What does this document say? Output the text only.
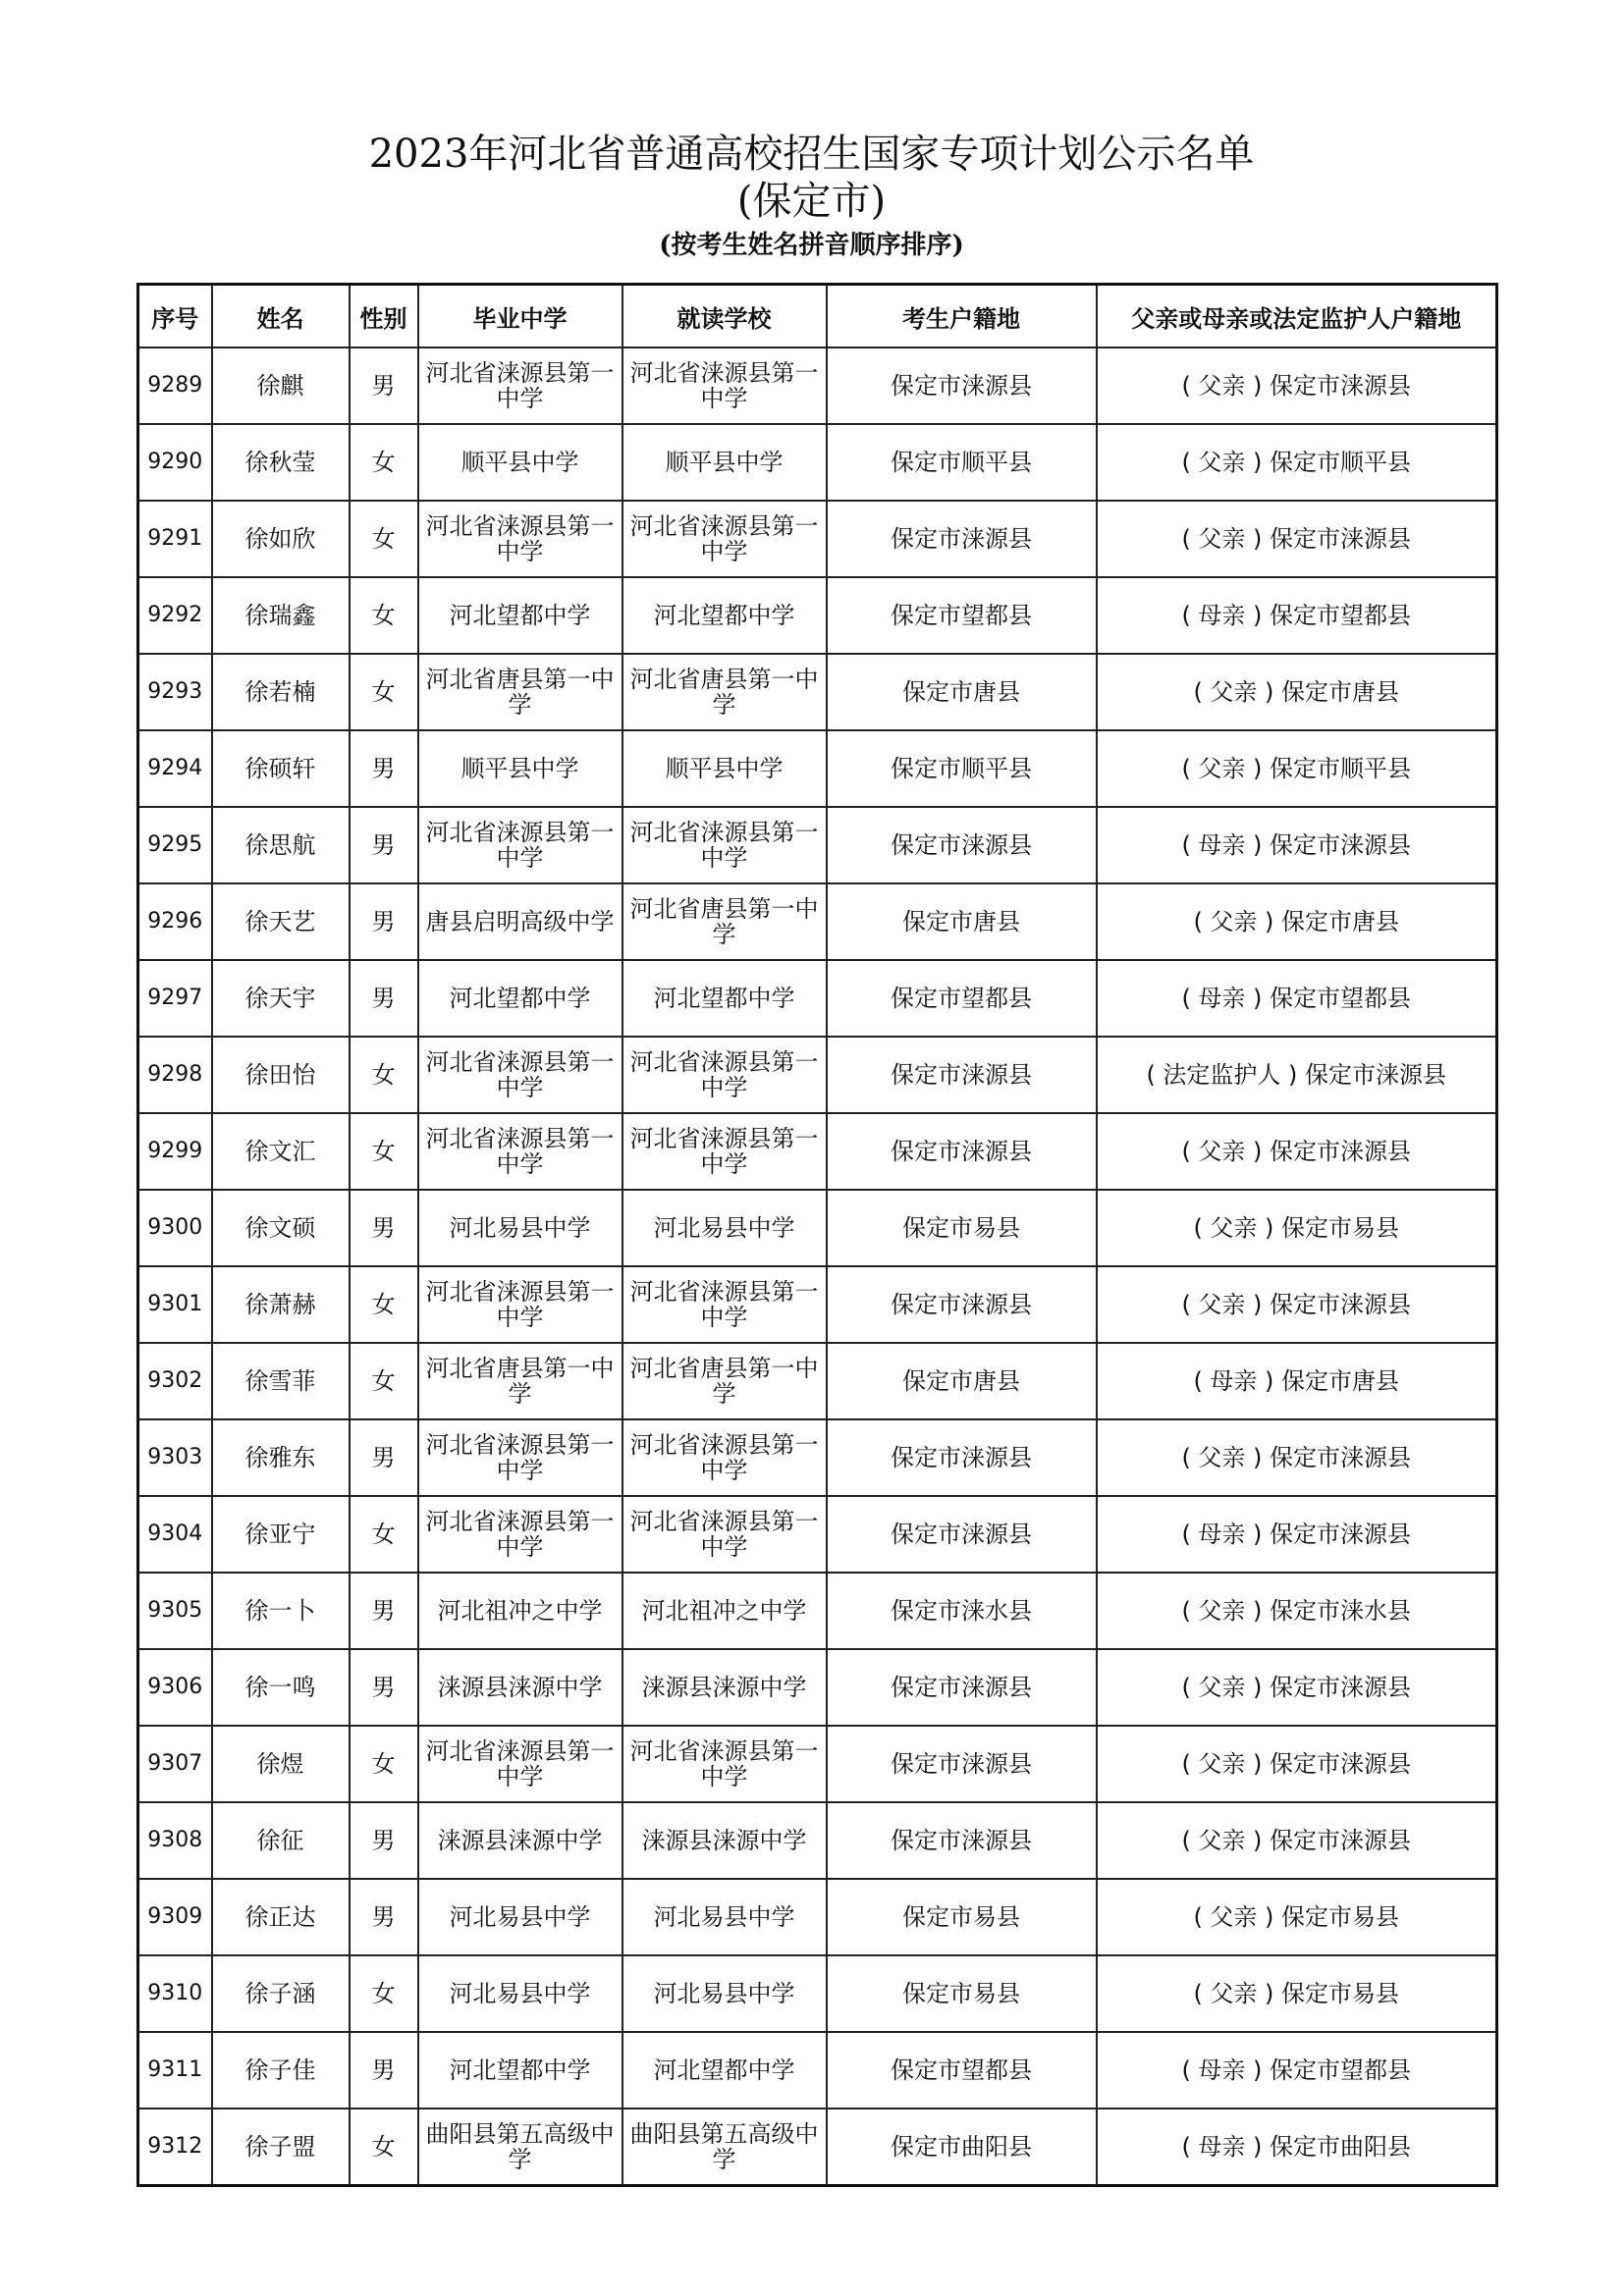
2023年河北省普通高校招生国家专项计划公示名单
(保定市)
(按考生姓名拼音顺序排序)
序号	姓名	性别	毕业中学	就读学校	考生户籍地	父亲或母亲或法定监护人户籍地
9289	徐麒	男	河北省涞源县第一中学	河北省涞源县第一中学	保定市涞源县	( 父亲 ) 保定市涞源县
9290	徐秋莹	女	顺平县中学	顺平县中学	保定市顺平县	( 父亲 ) 保定市顺平县
9291	徐如欣	女	河北省涞源县第一中学	河北省涞源县第一中学	保定市涞源县	( 父亲 ) 保定市涞源县
9292	徐瑞鑫	女	河北望都中学	河北望都中学	保定市望都县	( 母亲 ) 保定市望都县
9293	徐若楠	女	河北省唐县第一中学	河北省唐县第一中学	保定市唐县	( 父亲 ) 保定市唐县
9294	徐硕轩	男	顺平县中学	顺平县中学	保定市顺平县	( 父亲 ) 保定市顺平县
9295	徐思航	男	河北省涞源县第一中学	河北省涞源县第一中学	保定市涞源县	( 母亲 ) 保定市涞源县
9296	徐天艺	男	唐县启明高级中学	河北省唐县第一中学	保定市唐县	( 父亲 ) 保定市唐县
9297	徐天宇	男	河北望都中学	河北望都中学	保定市望都县	( 母亲 ) 保定市望都县
9298	徐田怡	女	河北省涞源县第一中学	河北省涞源县第一中学	保定市涞源县	( 法定监护人 ) 保定市涞源县
9299	徐文汇	女	河北省涞源县第一中学	河北省涞源县第一中学	保定市涞源县	( 父亲 ) 保定市涞源县
9300	徐文硕	男	河北易县中学	河北易县中学	保定市易县	( 父亲 ) 保定市易县
9301	徐萧赫	女	河北省涞源县第一中学	河北省涞源县第一中学	保定市涞源县	( 父亲 ) 保定市涞源县
9302	徐雪菲	女	河北省唐县第一中学	河北省唐县第一中学	保定市唐县	( 母亲 ) 保定市唐县
9303	徐雅东	男	河北省涞源县第一中学	河北省涞源县第一中学	保定市涞源县	( 父亲 ) 保定市涞源县
9304	徐亚宁	女	河北省涞源县第一中学	河北省涞源县第一中学	保定市涞源县	( 母亲 ) 保定市涞源县
9305	徐一卜	男	河北祖冲之中学	河北祖冲之中学	保定市涞水县	( 父亲 ) 保定市涞水县
9306	徐一鸣	男	涞源县涞源中学	涞源县涞源中学	保定市涞源县	( 父亲 ) 保定市涞源县
9307	徐煜	女	河北省涞源县第一中学	河北省涞源县第一中学	保定市涞源县	( 父亲 ) 保定市涞源县
9308	徐征	男	涞源县涞源中学	涞源县涞源中学	保定市涞源县	( 父亲 ) 保定市涞源县
9309	徐正达	男	河北易县中学	河北易县中学	保定市易县	( 父亲 ) 保定市易县
9310	徐子涵	女	河北易县中学	河北易县中学	保定市易县	( 父亲 ) 保定市易县
9311	徐子佳	男	河北望都中学	河北望都中学	保定市望都县	( 母亲 ) 保定市望都县
9312	徐子盟	女	曲阳县第五高级中学	曲阳县第五高级中学	保定市曲阳县	( 母亲 ) 保定市曲阳县
